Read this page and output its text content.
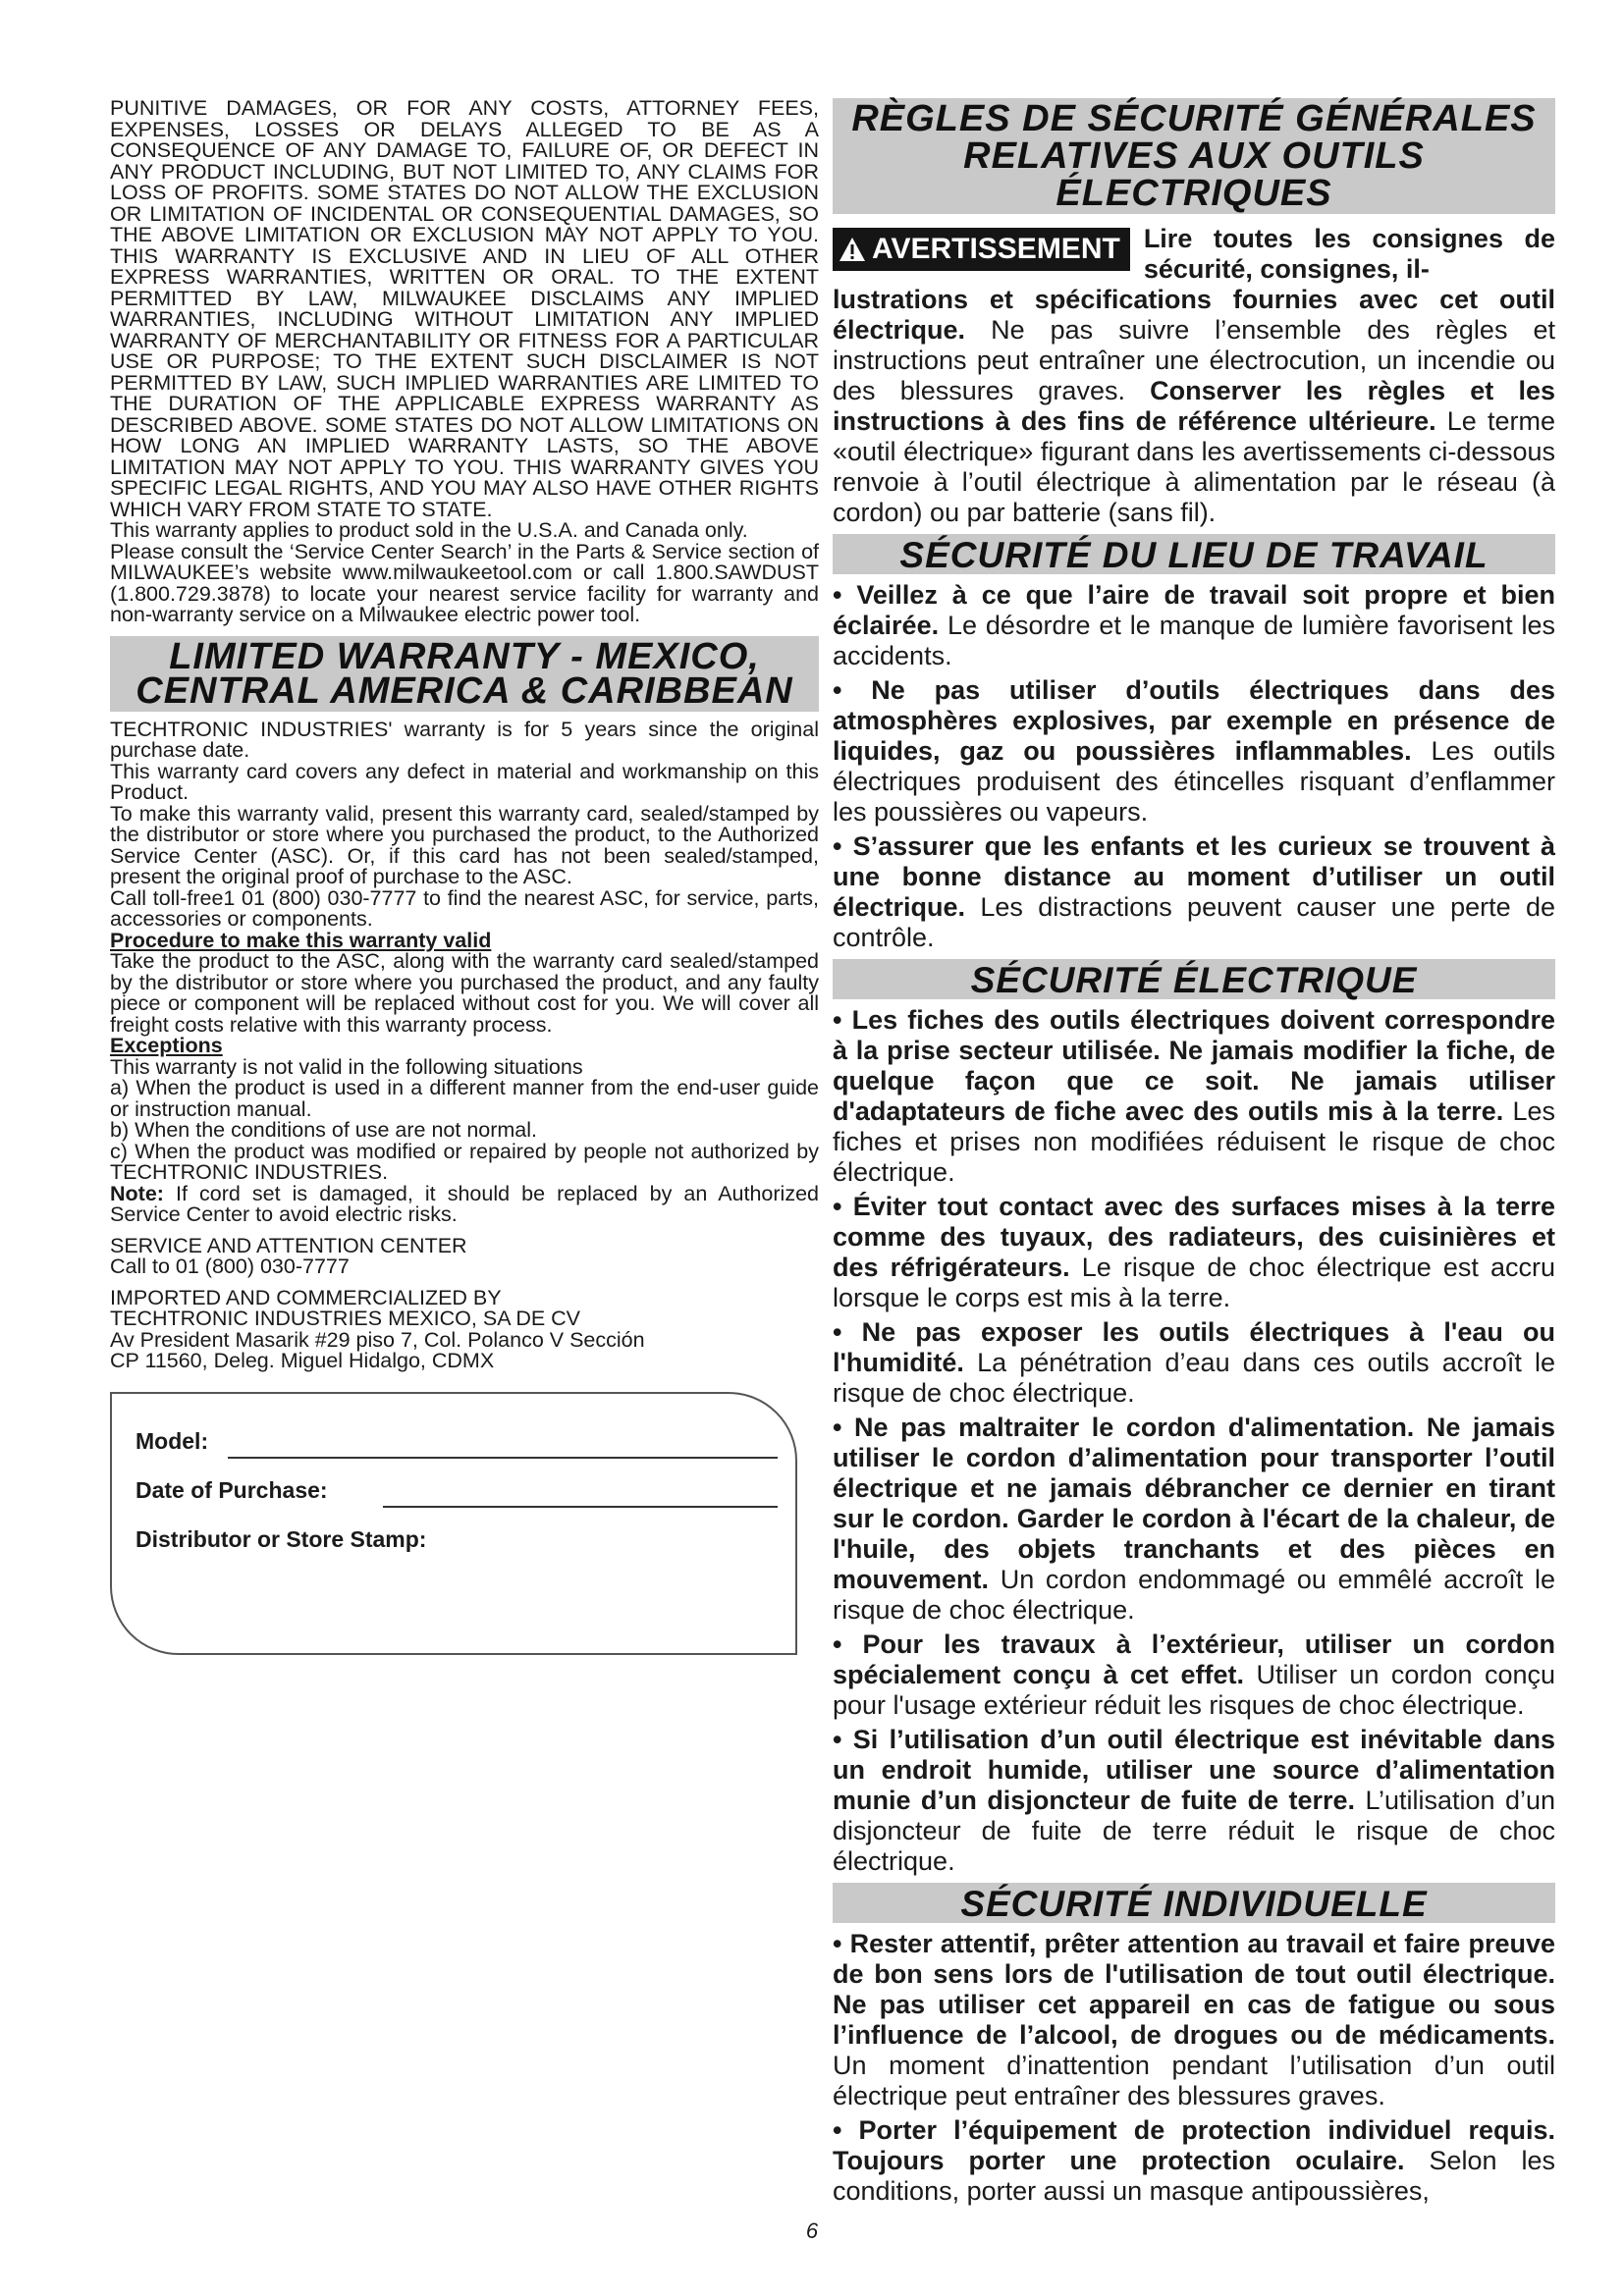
PUNITIVE DAMAGES, OR FOR ANY COSTS, ATTORNEY FEES, EXPENSES, LOSSES OR DELAYS ALLEGED TO BE AS A CONSEQUENCE OF ANY DAMAGE TO, FAILURE OF, OR DEFECT IN ANY PRODUCT INCLUDING, BUT NOT LIMITED TO, ANY CLAIMS FOR LOSS OF PROFITS. SOME STATES DO NOT ALLOW THE EXCLUSION OR LIMITATION OF INCIDENTAL OR CONSEQUENTIAL DAMAGES, SO THE ABOVE LIMITATION OR EXCLUSION MAY NOT APPLY TO YOU. THIS WARRANTY IS EXCLUSIVE AND IN LIEU OF ALL OTHER EXPRESS WARRANTIES, WRITTEN OR ORAL. TO THE EXTENT PERMITTED BY LAW, MILWAUKEE DISCLAIMS ANY IMPLIED WARRANTIES, INCLUDING WITHOUT LIMITATION ANY IMPLIED WARRANTY OF MERCHANTABILITY OR FITNESS FOR A PARTICULAR USE OR PURPOSE; TO THE EXTENT SUCH DISCLAIMER IS NOT PERMITTED BY LAW, SUCH IMPLIED WARRANTIES ARE LIMITED TO THE DURATION OF THE APPLICABLE EXPRESS WARRANTY AS DESCRIBED ABOVE. SOME STATES DO NOT ALLOW LIMITATIONS ON HOW LONG AN IMPLIED WARRANTY LASTS, SO THE ABOVE LIMITATION MAY NOT APPLY TO YOU. THIS WARRANTY GIVES YOU SPECIFIC LEGAL RIGHTS, AND YOU MAY ALSO HAVE OTHER RIGHTS WHICH VARY FROM STATE TO STATE.

This warranty applies to product sold in the U.S.A. and Canada only.

Please consult the ‘Service Center Search’ in the Parts & Service section of MILWAUKEE’s website www.milwaukeetool.com or call 1.800.SAWDUST (1.800.729.3878) to locate your nearest service facility for warranty and non-warranty service on a Milwaukee electric power tool.

LIMITED WARRANTY - MEXICO,
CENTRAL AMERICA & CARIBBEAN

TECHTRONIC INDUSTRIES' warranty is for 5 years since the original purchase date.

This warranty card covers any defect in material and workmanship on this Product.

To make this warranty valid, present this warranty card, sealed/stamped by the distributor or store where you purchased the product, to the Authorized Service Center (ASC). Or, if this card has not been sealed/stamped, present the original proof of purchase to the ASC.

Call toll-free1 01 (800) 030-7777 to find the nearest ASC, for service, parts, accessories or components.

Procedure to make this warranty valid

Take the product to the ASC, along with the warranty card sealed/stamped by the distributor or store where you purchased the product, and any faulty piece or component will be replaced without cost for you. We will cover all freight costs relative with this warranty process.

Exceptions

This warranty is not valid in the following situations

a) When the product is used in a different manner from the end-user guide or instruction manual.

b) When the conditions of use are not normal.

c) When the product was modified or repaired by people not authorized by TECHTRONIC INDUSTRIES.

Note: If cord set is damaged, it should be replaced by an Authorized Service Center to avoid electric risks.

SERVICE AND ATTENTION CENTER

Call to 01 (800) 030-7777

IMPORTED AND COMMERCIALIZED BY

TECHTRONIC INDUSTRIES MEXICO, SA DE CV

Av President Masarik #29 piso 7, Col. Polanco V Sección

CP 11560, Deleg. Miguel Hidalgo, CDMX

Model:
Date of Purchase:
Distributor or Store Stamp:
RÈGLES DE SÉCURITÉ GÉNÉRALES
RELATIVES AUX OUTILS ÉLECTRIQUES
AVERTISSEMENT Lire toutes les consignes de sécurité, consignes, il-

lustrations et spécifications fournies avec cet outil électrique. Ne pas suivre l’ensemble des règles et instructions peut entraîner une électrocution, un incendie ou des blessures graves. Conserver les règles et les instructions à des fins de référence ultérieure. Le terme «outil électrique» figurant dans les avertissements ci-dessous renvoie à l’outil électrique à alimentation par le réseau (à cordon) ou par batterie (sans fil).

SÉCURITÉ DU LIEU DE TRAVAIL

• Veillez à ce que l’aire de travail soit propre et bien éclairée. Le désordre et le manque de lumière favorisent les accidents.

• Ne pas utiliser d’outils électriques dans des atmosphères explosives, par exemple en présence de liquides, gaz ou poussières inflammables. Les outils électriques produisent des étincelles risquant d’enflammer les poussières ou vapeurs.

• S’assurer que les enfants et les curieux se trouvent à une bonne distance au moment d’utiliser un outil électrique. Les distractions peuvent causer une perte de contrôle.

SÉCURITÉ ÉLECTRIQUE

• Les fiches des outils électriques doivent correspondre à la prise secteur utilisée. Ne jamais modifier la fiche, de quelque façon que ce soit. Ne jamais utiliser d'adaptateurs de fiche avec des outils mis à la terre. Les fiches et prises non modifiées réduisent le risque de choc électrique.

• Éviter tout contact avec des surfaces mises à la terre comme des tuyaux, des radiateurs, des cuisinières et des réfrigérateurs. Le risque de choc électrique est accru lorsque le corps est mis à la terre.

• Ne pas exposer les outils électriques à l'eau ou l'humidité. La pénétration d’eau dans ces outils accroît le risque de choc électrique.

• Ne pas maltraiter le cordon d'alimentation. Ne jamais utiliser le cordon d’alimentation pour transporter l’outil électrique et ne jamais débrancher ce dernier en tirant sur le cordon. Garder le cordon à l'écart de la chaleur, de l'huile, des objets tranchants et des pièces en mouvement. Un cordon endommagé ou emmêlé accroît le risque de choc électrique.

• Pour les travaux à l’extérieur, utiliser un cordon spécialement conçu à cet effet. Utiliser un cordon conçu pour l'usage extérieur réduit les risques de choc électrique.

• Si l’utilisation d’un outil électrique est inévitable dans un endroit humide, utiliser une source d’alimentation munie d’un disjoncteur de fuite de terre. L’utilisation d’un disjoncteur de fuite de terre réduit le risque de choc électrique.

SÉCURITÉ INDIVIDUELLE

• Rester attentif, prêter attention au travail et faire preuve de bon sens lors de l'utilisation de tout outil électrique. Ne pas utiliser cet appareil en cas de fatigue ou sous l’influence de l’alcool, de drogues ou de médicaments. Un moment d’inattention pendant l’utilisation d’un outil électrique peut entraîner des blessures graves.

• Porter l’équipement de protection individuel requis. Toujours porter une protection oculaire. Selon les conditions, porter aussi un masque antipoussières,

6
